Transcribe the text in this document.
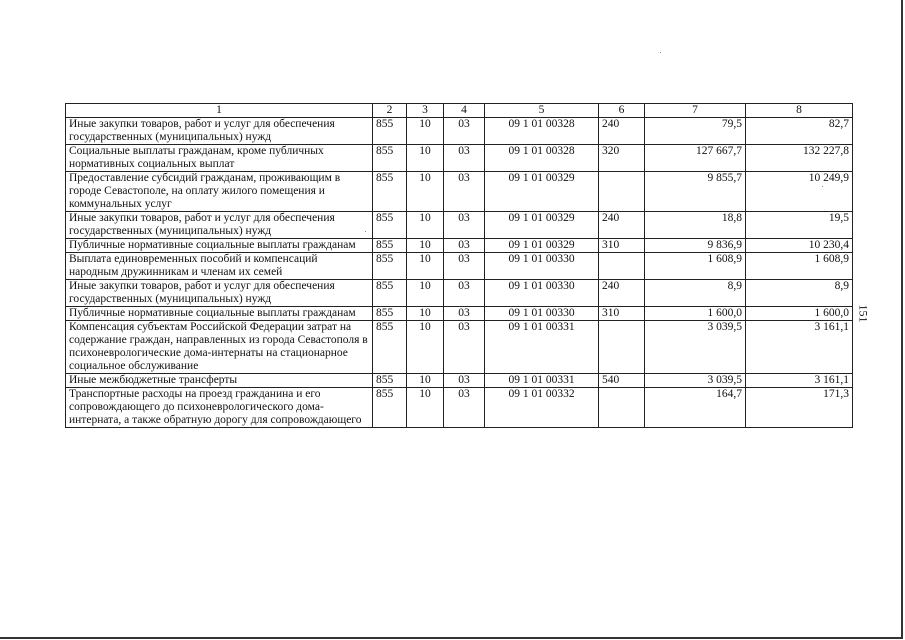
1	2	3	4	5	6	7	8
Иные закупки товаров, работ и услуг для обеспечения государственных (муниципальных) нужд	855	10	03	09 1 01 00328	240	79,5	82,7
Социальные выплаты гражданам, кроме публичных нормативных социальных выплат	855	10	03	09 1 01 00328	320	127 667,7	132 227,8
Предоставление субсидий гражданам, проживающим в городе Севастополе, на оплату жилого помещения и коммунальных услуг	855	10	03	09 1 01 00329		9 855,7	10 249,9
Иные закупки товаров, работ и услуг для обеспечения государственных (муниципальных) нужд	855	10	03	09 1 01 00329	240	18,8	19,5
Публичные нормативные социальные выплаты гражданам	855	10	03	09 1 01 00329	310	9 836,9	10 230,4
Выплата единовременных пособий и компенсаций народным дружинникам и членам их семей	855	10	03	09 1 01 00330		1 608,9	1 608,9
Иные закупки товаров, работ и услуг для обеспечения государственных (муниципальных) нужд	855	10	03	09 1 01 00330	240	8,9	8,9
Публичные нормативные социальные выплаты гражданам	855	10	03	09 1 01 00330	310	1 600,0	1 600,0
Компенсация субъектам Российской Федерации затрат на содержание граждан, направленных из города Севастополя в психоневрологические дома-интернаты на стационарное социальное обслуживание	855	10	03	09 1 01 00331		3 039,5	3 161,1
Иные межбюджетные трансферты	855	10	03	09 1 01 00331	540	3 039,5	3 161,1
Транспортные расходы на проезд гражданина и его сопровождающего до психоневрологического дома-интерната, а также обратную дорогу для сопровождающего	855	10	03	09 1 01 00332		164,7	171,3
151
